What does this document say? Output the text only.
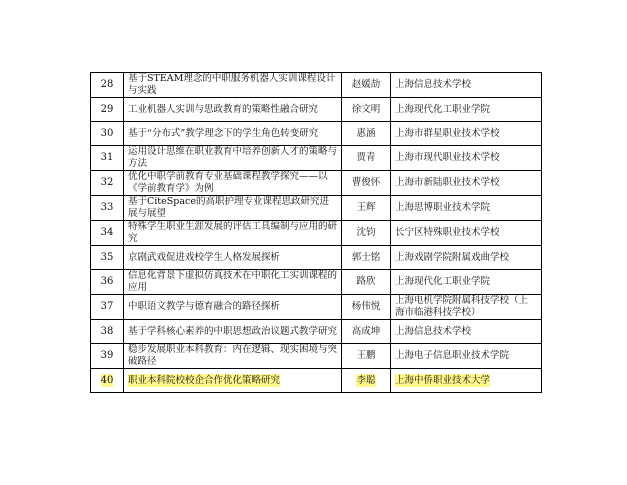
28	基于STEAM理念的中职服务机器人实训课程设计与实践	赵媛劼	上海信息技术学校
29	工业机器人实训与思政教育的策略性融合研究	徐文明	上海现代化工职业学院
30	基于“分布式”教学理念下的学生角色转变研究	惠涵	上海市群星职业技术学校
31	运用设计思维在职业教育中培养创新人才的策略与方法	贾青	上海市现代职业技术学校
32	优化中职学前教育专业基础课程教学探究——以《学前教育学》为例	曹俊怀	上海市新陆职业技术学校
33	基于CiteSpace的高职护理专业课程思政研究进展与展望	王辉	上海思博职业技术学院
34	特殊学生职业生涯发展的评估工具编制与应用的研究	沈钧	长宁区特殊职业技术学校
35	京剧武戏促进戏校学生人格发展探析	郭士铭	上海戏剧学院附属戏曲学校
36	信息化背景下虚拟仿真技术在中职化工实训课程的应用	路欣	上海现代化工职业学院
37	中职语文教学与德育融合的路径探析	杨伟悦	上海电机学院附属科技学校（上海市临港科技学校）
38	基于学科核心素养的中职思想政治议题式教学研究	高成坤	上海信息技术学校
39	稳步发展职业本科教育：内在逻辑、现实困境与突破路径	王鹏	上海电子信息职业技术学院
40	职业本科院校校企合作优化策略研究	李聪	上海中侨职业技术大学
